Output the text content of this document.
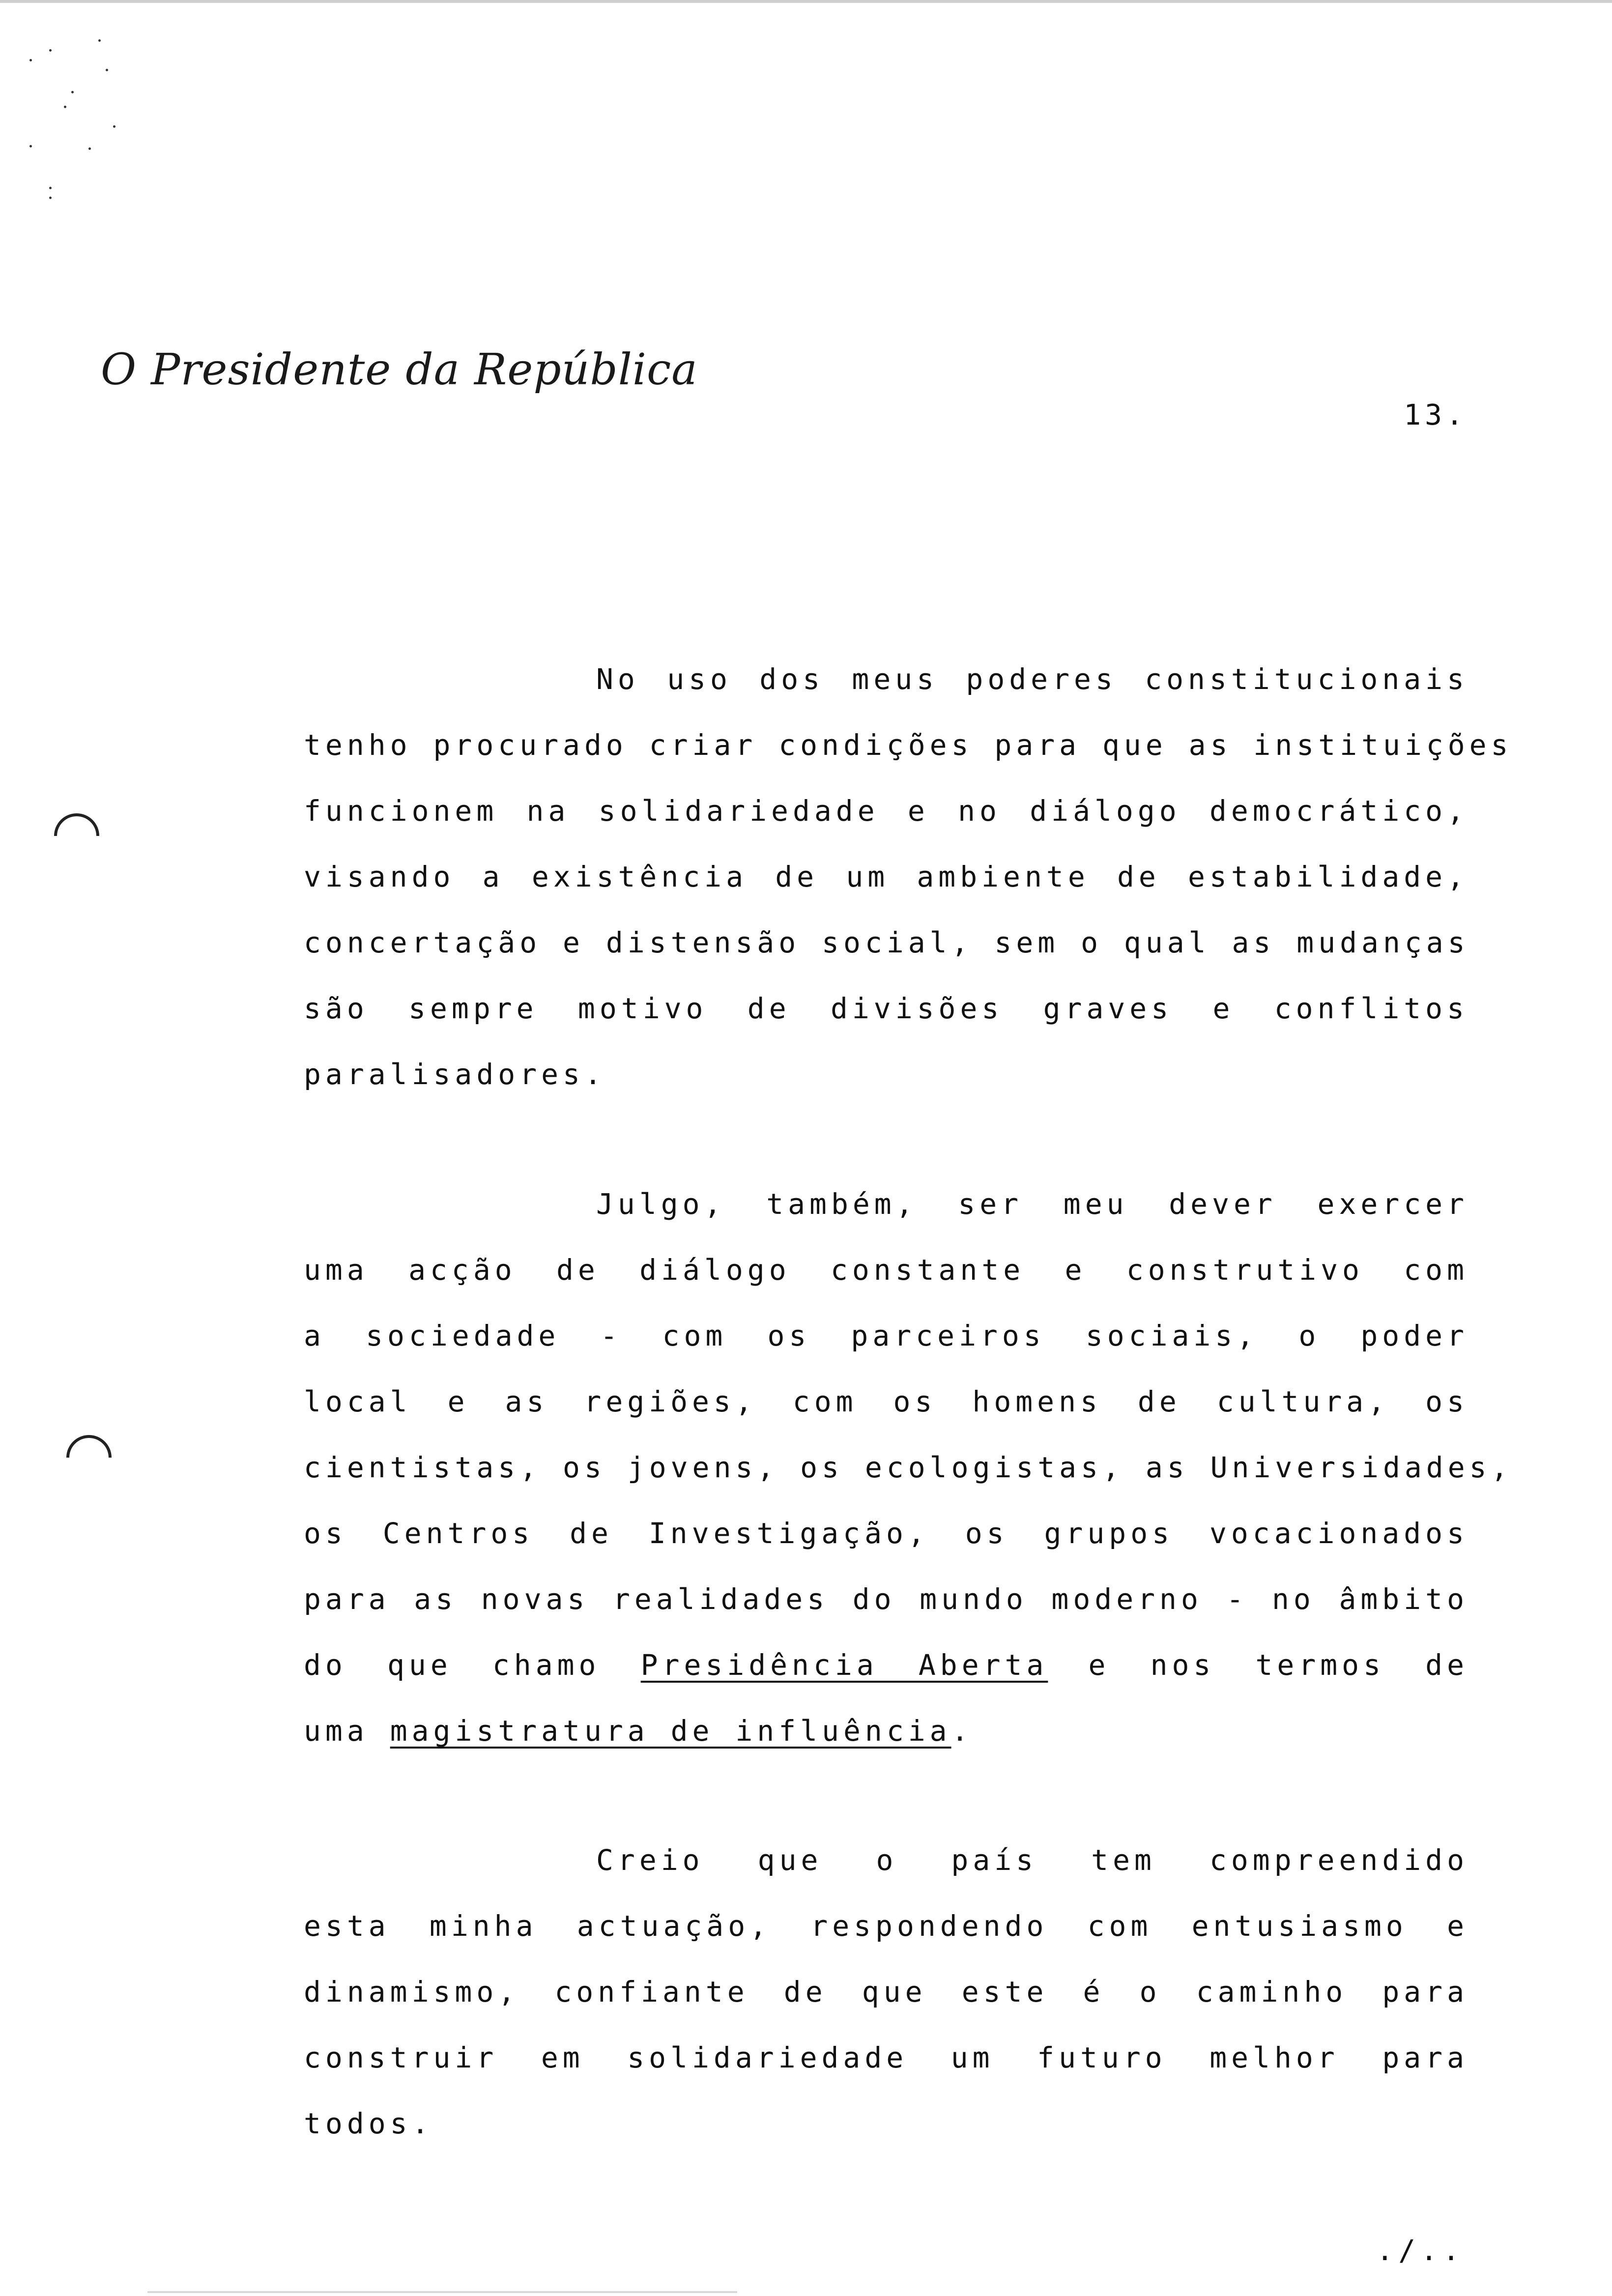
O Presidente da República
13.
No uso dos meus poderes constitucionais
tenho procurado criar condições para que as instituições
funcionem na solidariedade e no diálogo democrático,
visando a existência de um ambiente de estabilidade,
concertação e distensão social, sem o qual as mudanças
são sempre motivo de divisões graves e conflitos
paralisadores.
Julgo, também, ser meu dever exercer
uma acção de diálogo constante e construtivo com
a sociedade - com os parceiros sociais, o poder
local e as regiões, com os homens de cultura, os
cientistas, os jovens, os ecologistas, as Universidades,
os Centros de Investigação, os grupos vocacionados
para as novas realidades do mundo moderno - no âmbito
do que chamo Presidência Aberta e nos termos de
uma magistratura de influência.
Creio que o país tem compreendido
esta minha actuação, respondendo com entusiasmo e
dinamismo, confiante de que este é o caminho para
construir em solidariedade um futuro melhor para
todos.
./..
